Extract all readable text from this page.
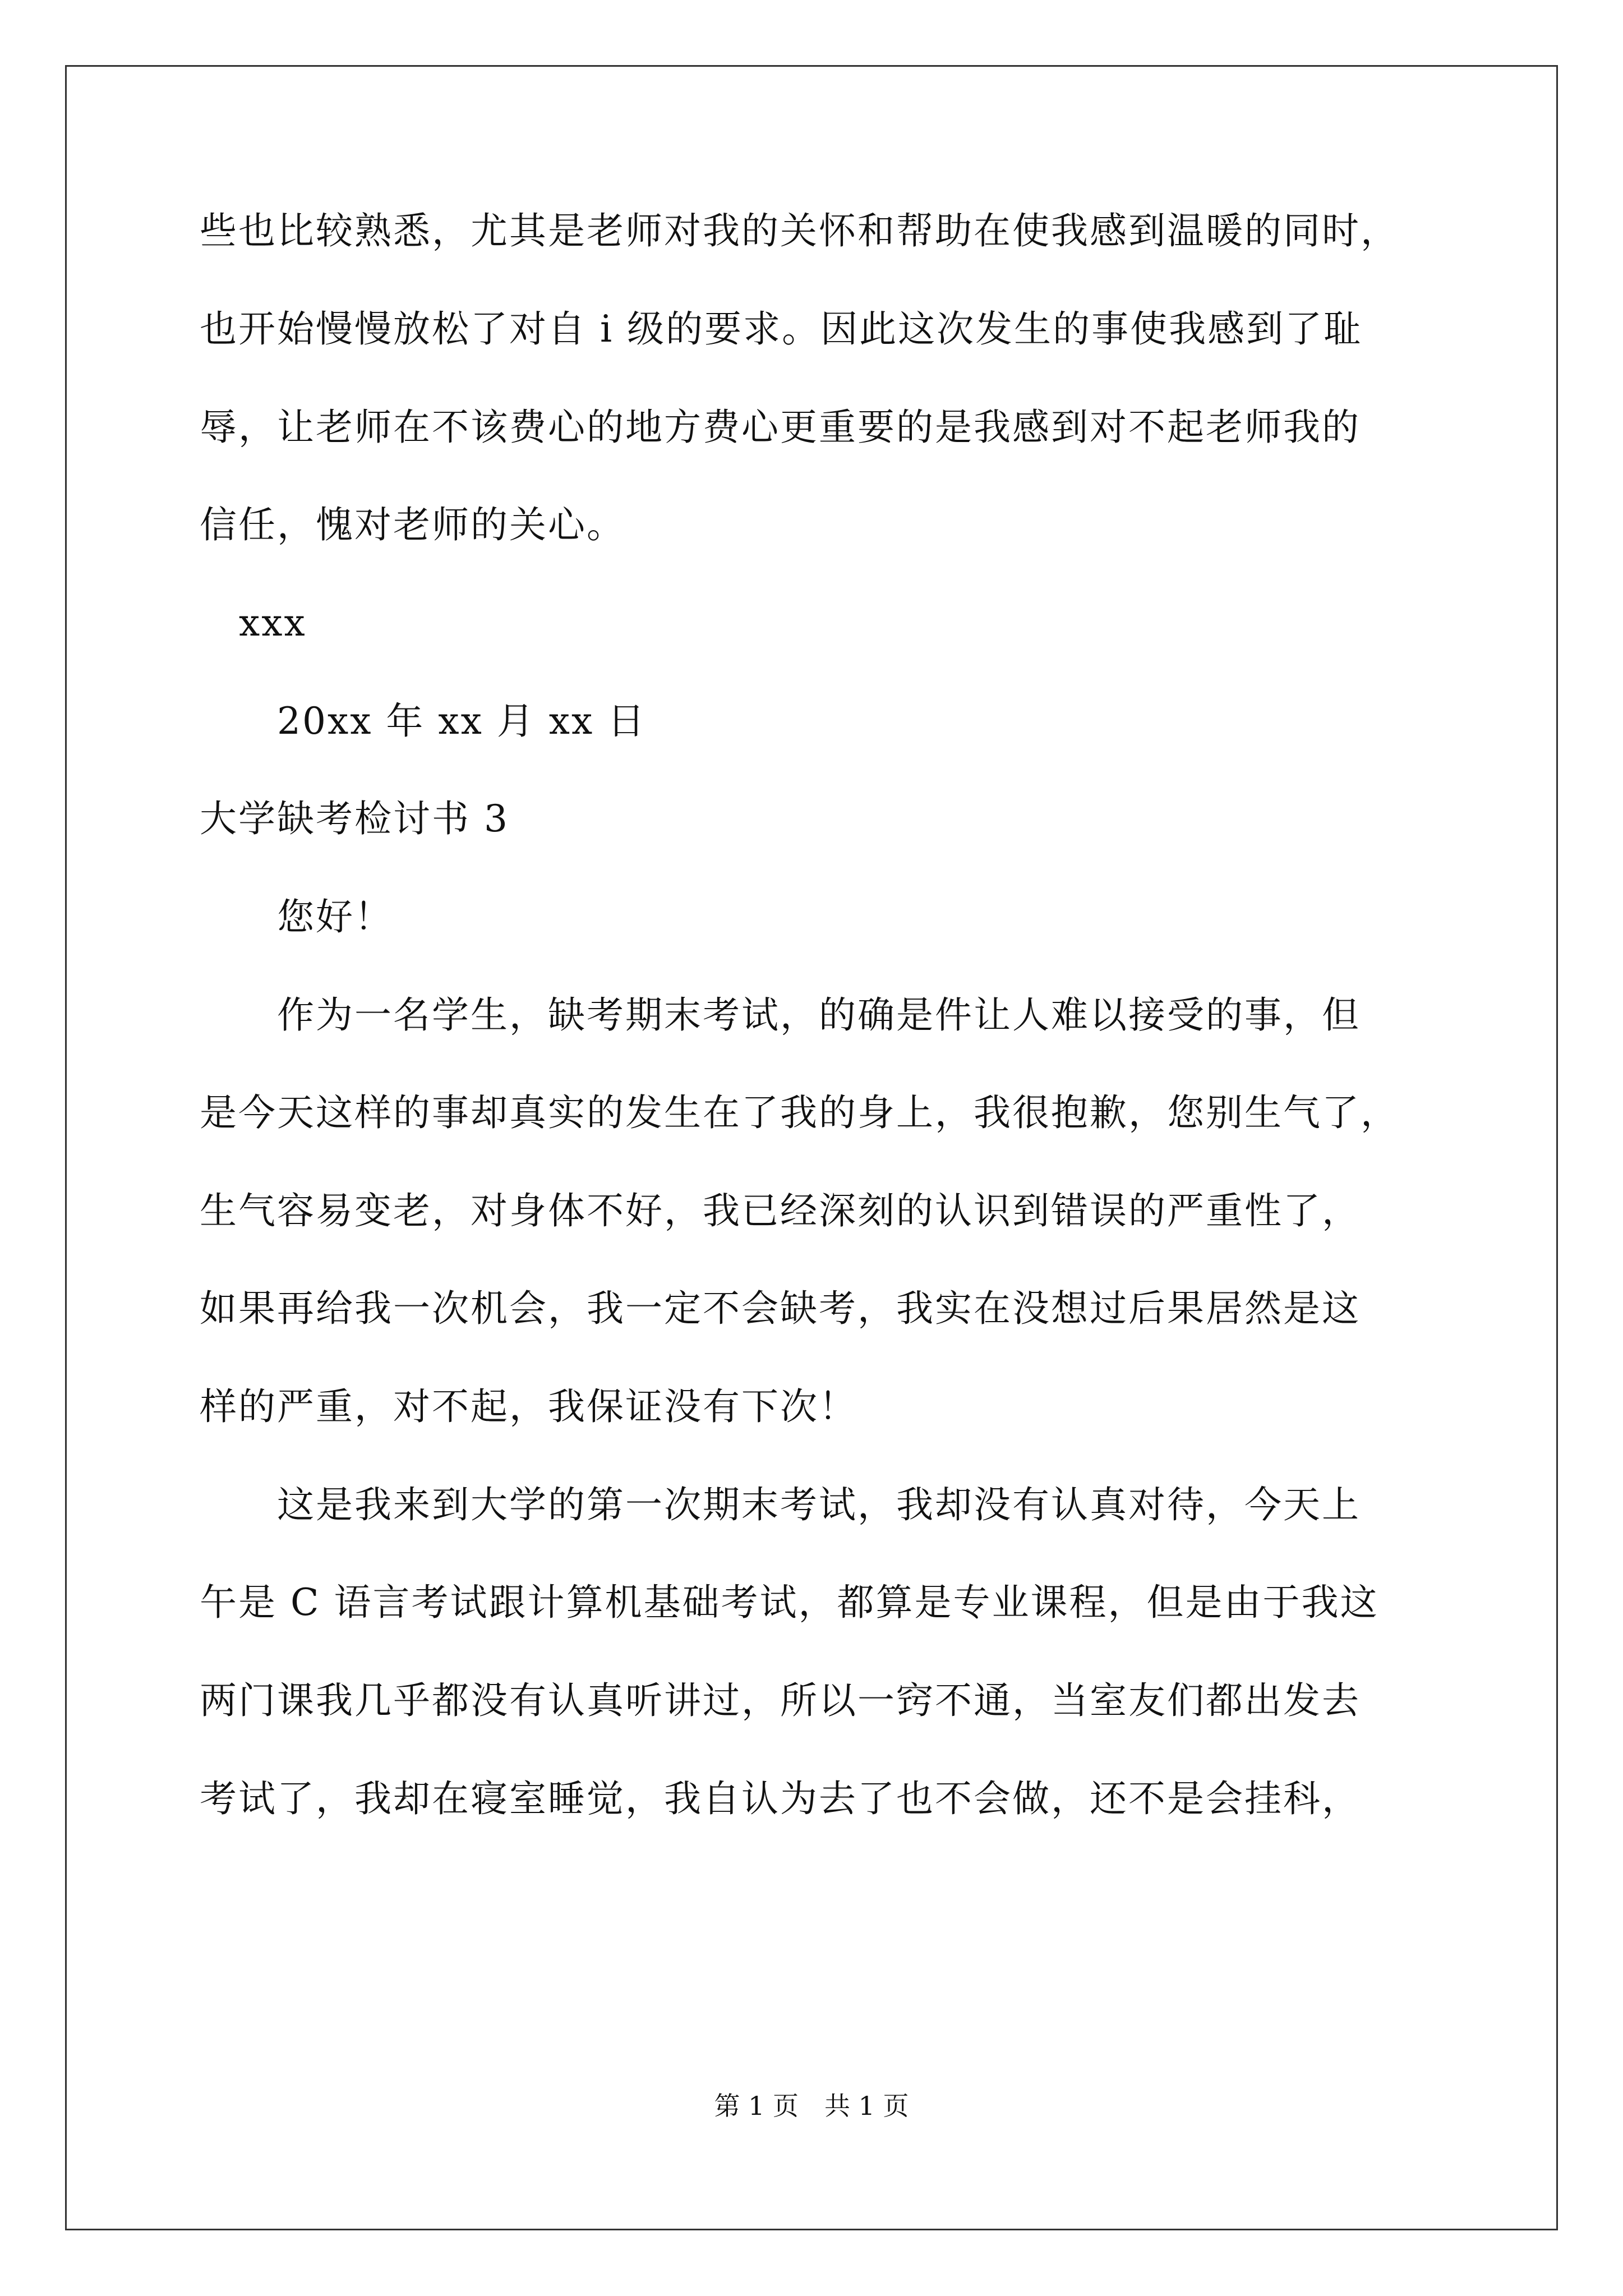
些也比较熟悉，尤其是老师对我的关怀和帮助在使我感到温暖的同时，
也开始慢慢放松了对自 i 级的要求。因此这次发生的事使我感到了耻
辱，让老师在不该费心的地方费心更重要的是我感到对不起老师我的
信任，愧对老师的关心。
xxx
20xx 年 xx 月 xx 日
大学缺考检讨书 3
您好！
作为一名学生，缺考期末考试，的确是件让人难以接受的事，但
是今天这样的事却真实的发生在了我的身上，我很抱歉，您别生气了，
生气容易变老，对身体不好，我已经深刻的认识到错误的严重性了，
如果再给我一次机会，我一定不会缺考，我实在没想过后果居然是这
样的严重，对不起，我保证没有下次！
这是我来到大学的第一次期末考试，我却没有认真对待，今天上
午是 C 语言考试跟计算机基础考试，都算是专业课程，但是由于我这
两门课我几乎都没有认真听讲过，所以一窍不通，当室友们都出发去
考试了，我却在寝室睡觉，我自认为去了也不会做，还不是会挂科，
第 1 页　共 1 页
